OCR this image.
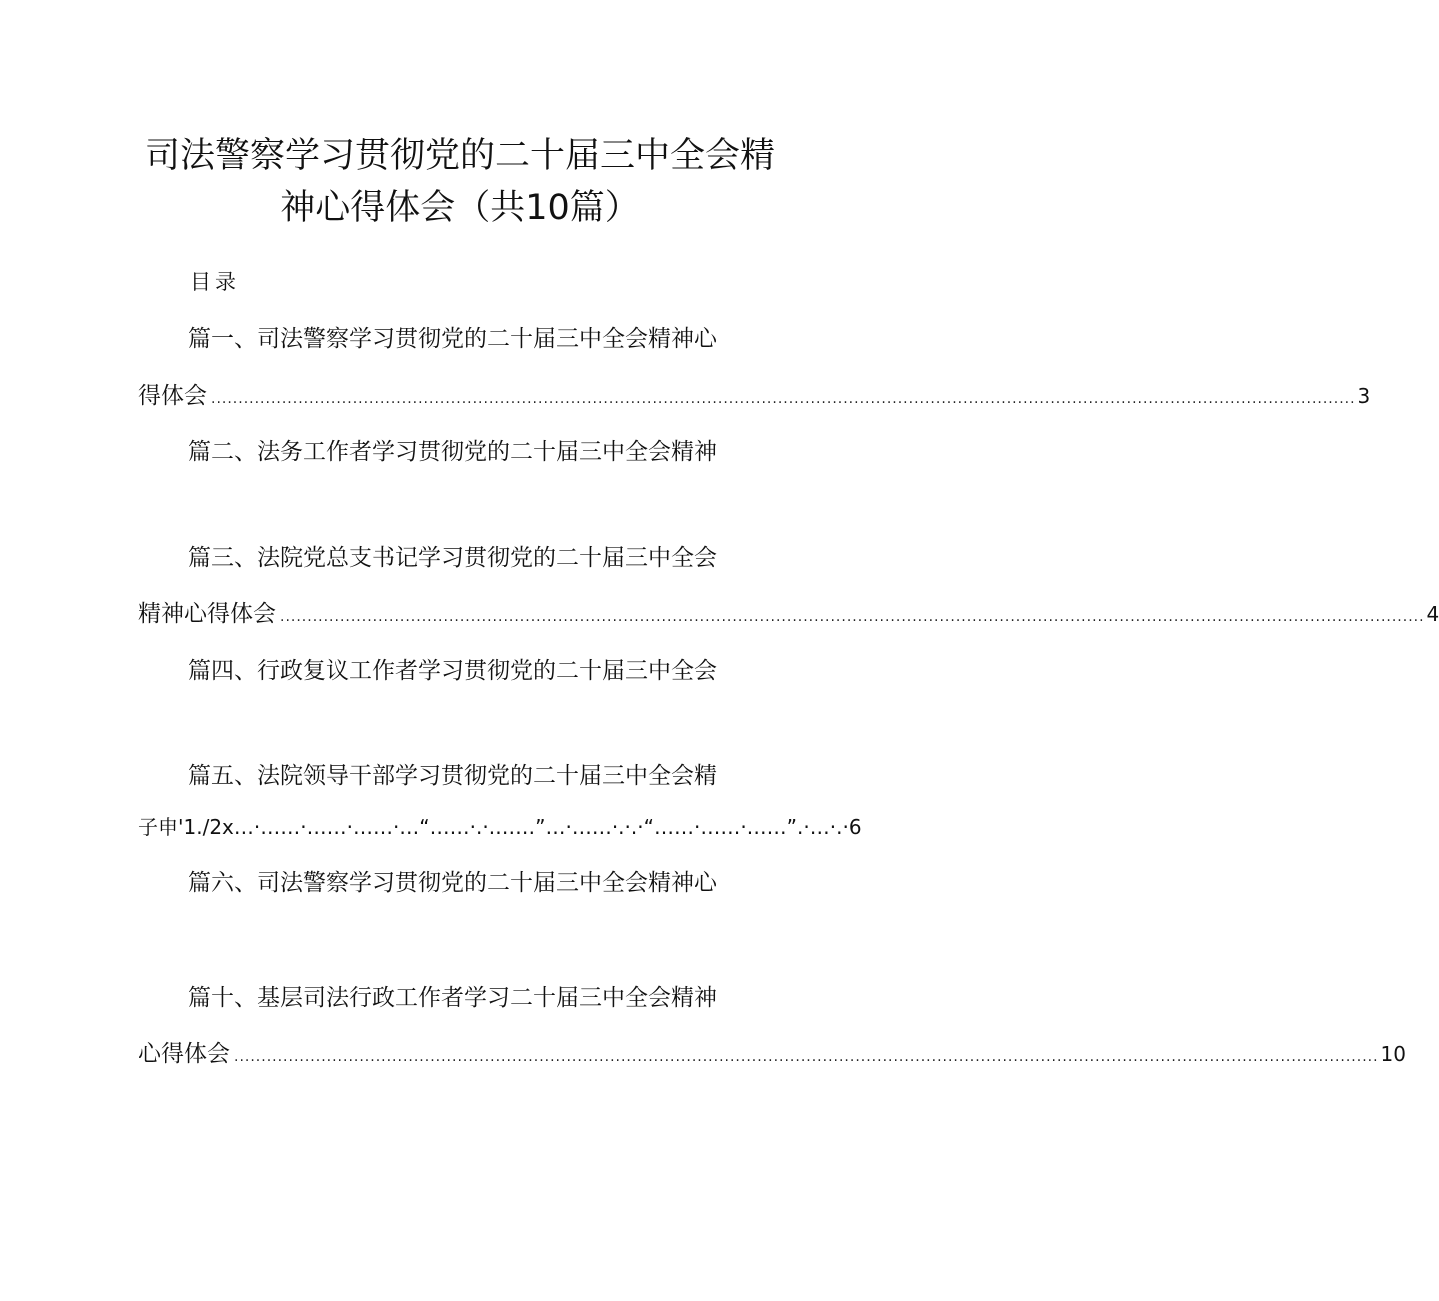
司法警察学习贯彻党的二十届三中全会精
神心得体会（共10篇）
目录
篇一、司法警察学习贯彻党的二十届三中全会精神心
得体会 .................................................................................................................................................................................................................. 3
篇二、法务工作者学习贯彻党的二十届三中全会精神
篇三、法院党总支书记学习贯彻党的二十届三中全会
精神心得体会 .................................................................................................................................................................................................................. 4
篇四、行政复议工作者学习贯彻党的二十届三中全会
篇五、法院领导干部学习贯彻党的二十届三中全会精
子申'1./2x…·……·……·……·…“……·.·.……”…·……·.·.·“……·……·……”.·…·.·6
篇六、司法警察学习贯彻党的二十届三中全会精神心
篇十、基层司法行政工作者学习二十届三中全会精神
心得体会 .................................................................................................................................................................................................................. 10
